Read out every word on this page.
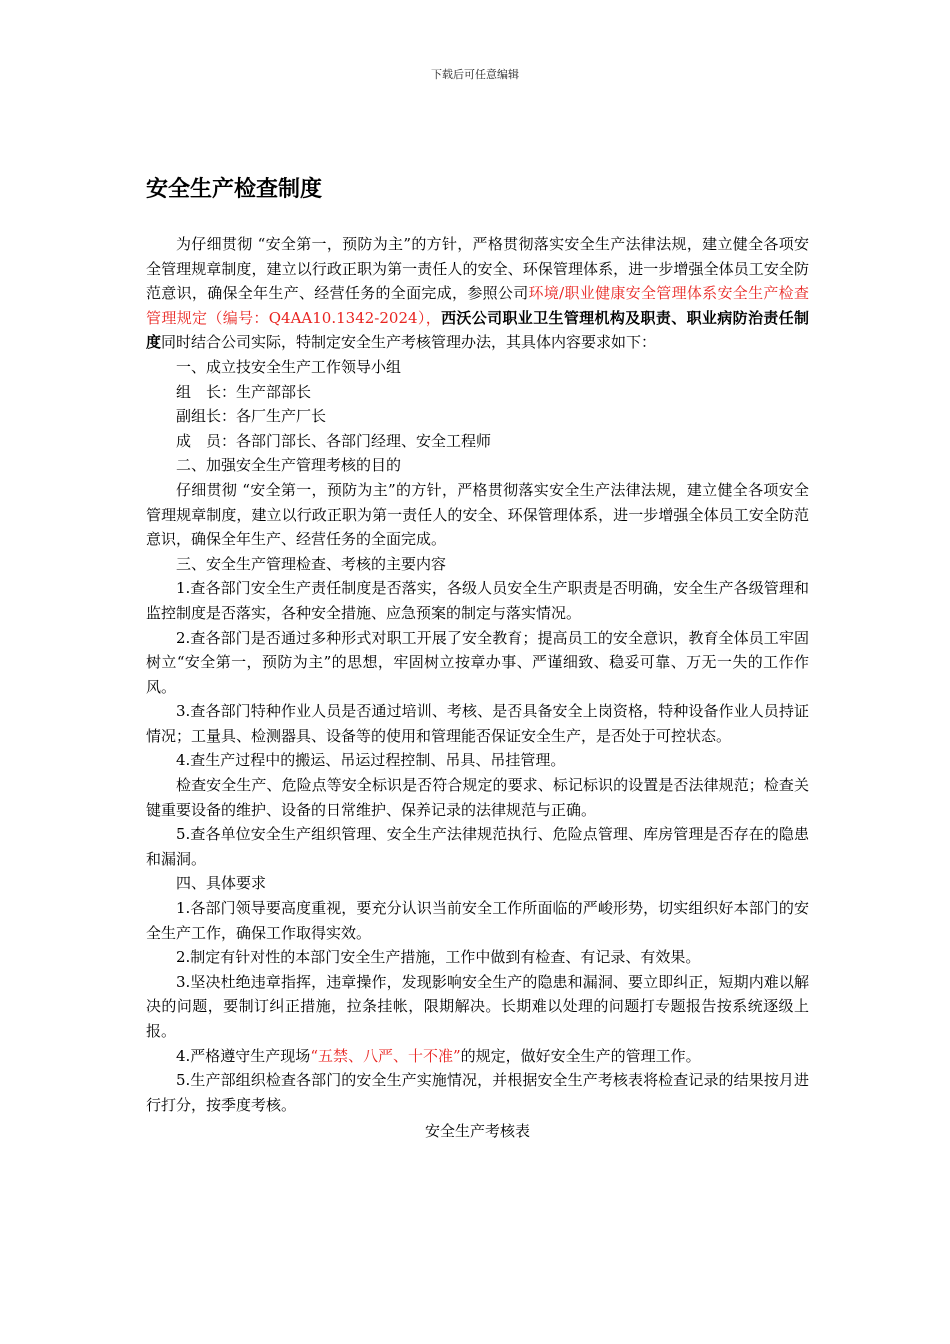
下载后可任意编辑
安全生产检查制度

为仔细贯彻 “安全第一，预防为主”的方针，严格贯彻落实安全生产法律法规，建立健全各项安全管理规章制度，建立以行政正职为第一责任人的安全、环保管理体系，进一步增强全体员工安全防范意识，确保全年生产、经营任务的全面完成，参照公司环境/职业健康安全管理体系安全生产检查管理规定（编号：Q4AA10.1342-2024），西沃公司职业卫生管理机构及职责、职业病防治责任制度同时结合公司实际，特制定安全生产考核管理办法，其具体内容要求如下：

一、成立技安全生产工作领导小组

组　长：生产部部长

副组长：各厂生产厂长

成　员：各部门部长、各部门经理、安全工程师

二、加强安全生产管理考核的目的

仔细贯彻 “安全第一，预防为主”的方针，严格贯彻落实安全生产法律法规，建立健全各项安全管理规章制度，建立以行政正职为第一责任人的安全、环保管理体系，进一步增强全体员工安全防范意识，确保全年生产、经营任务的全面完成。

三、安全生产管理检查、考核的主要内容

1.查各部门安全生产责任制度是否落实，各级人员安全生产职责是否明确，安全生产各级管理和监控制度是否落实，各种安全措施、应急预案的制定与落实情况。

2.查各部门是否通过多种形式对职工开展了安全教育；提高员工的安全意识，教育全体员工牢固树立“安全第一，预防为主”的思想，牢固树立按章办事、严谨细致、稳妥可靠、万无一失的工作作风。

3.查各部门特种作业人员是否通过培训、考核、是否具备安全上岗资格，特种设备作业人员持证情况；工量具、检测器具、设备等的使用和管理能否保证安全生产，是否处于可控状态。

4.查生产过程中的搬运、吊运过程控制、吊具、吊挂管理。

检查安全生产、危险点等安全标识是否符合规定的要求、标记标识的设置是否法律规范；检查关键重要设备的维护、设备的日常维护、保养记录的法律规范与正确。

5.查各单位安全生产组织管理、安全生产法律规范执行、危险点管理、库房管理是否存在的隐患和漏洞。

四、具体要求

1.各部门领导要高度重视，要充分认识当前安全工作所面临的严峻形势，切实组织好本部门的安全生产工作，确保工作取得实效。

2.制定有针对性的本部门安全生产措施，工作中做到有检查、有记录、有效果。

3.坚决杜绝违章指挥，违章操作，发现影响安全生产的隐患和漏洞、要立即纠正，短期内难以解决的问题，要制订纠正措施，拉条挂帐，限期解决。长期难以处理的问题打专题报告按系统逐级上报。

4.严格遵守生产现场“五禁、八严、十不准”的规定，做好安全生产的管理工作。

5.生产部组织检查各部门的安全生产实施情况，并根据安全生产考核表将检查记录的结果按月进行打分，按季度考核。

安全生产考核表
